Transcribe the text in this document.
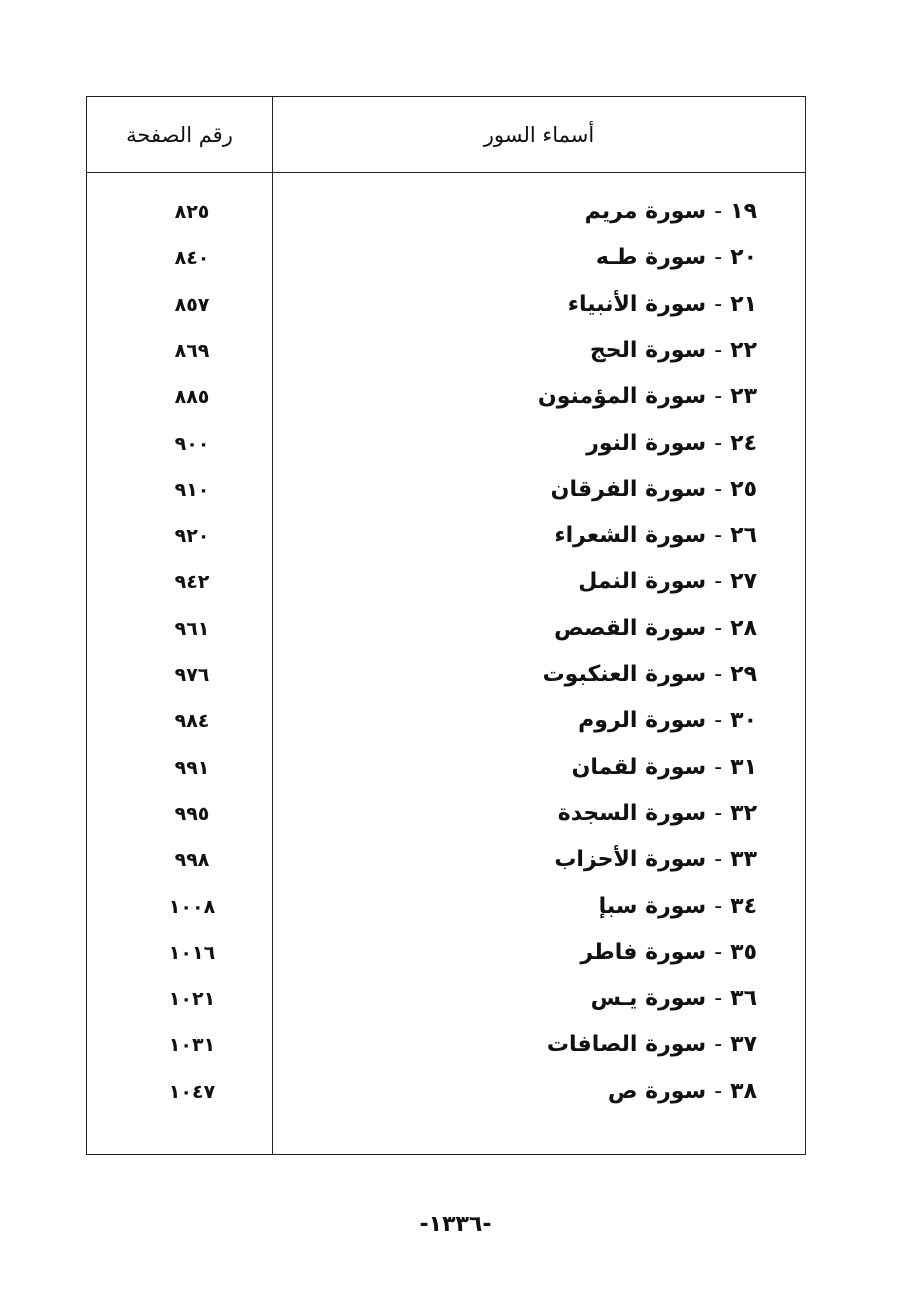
أسماء السور
رقم الصفحة
١٩-سورة مريم
٨٢٥
٢٠-سورة طـه
٨٤٠
٢١-سورة الأنبياء
٨٥٧
٢٢-سورة الحج
٨٦٩
٢٣-سورة المؤمنون
٨٨٥
٢٤-سورة النور
٩٠٠
٢٥-سورة الفرقان
٩١٠
٢٦-سورة الشعراء
٩٢٠
٢٧-سورة النمل
٩٤٢
٢٨-سورة القصص
٩٦١
٢٩-سورة العنكبوت
٩٧٦
٣٠-سورة الروم
٩٨٤
٣١-سورة لقمان
٩٩١
٣٢-سورة السجدة
٩٩٥
٣٣-سورة الأحزاب
٩٩٨
٣٤-سورة سبإ
١٠٠٨
٣٥-سورة فاطر
١٠١٦
٣٦-سورة يـس
١٠٢١
٣٧-سورة الصافات
١٠٣١
٣٨-سورة ص
١٠٤٧
-١٣٣٦-
